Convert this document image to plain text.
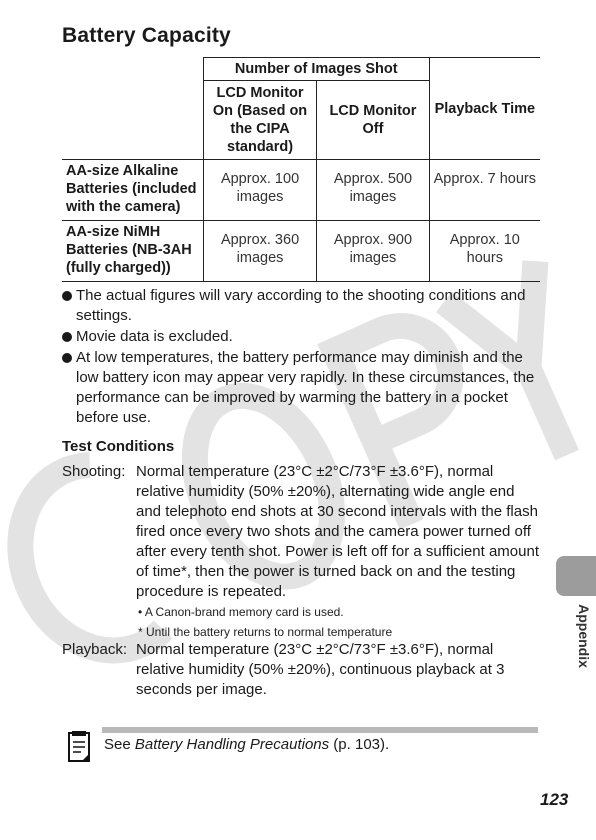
Battery Capacity
	Number of Images Shot		Playback Time
	LCD Monitor On (Based on the CIPA standard)	LCD Monitor Off	
AA-size Alkaline Batteries (included with the camera)	Approx. 100 images	Approx. 500 images	Approx. 7 hours
AA-size NiMH Batteries (NB-3AH (fully charged))	Approx. 360 images	Approx. 900 images	Approx. 10 hours
The actual figures will vary according to the shooting conditions and settings.
Movie data is excluded.
At low temperatures, the battery performance may diminish and the low battery icon may appear very rapidly. In these circumstances, the performance can be improved by warming the battery in a pocket before use.
Test Conditions
Shooting: Normal temperature (23°C ±2°C/73°F ±3.6°F), normal relative humidity (50% ±20%), alternating wide angle end and telephoto end shots at 30 second intervals with the flash fired once every two shots and the camera power turned off after every tenth shot. Power is left off for a sufficient amount of time*, then the power is turned back on and the testing procedure is repeated.
• A Canon-brand memory card is used.
* Until the battery returns to normal temperature
Playback: Normal temperature (23°C ±2°C/73°F ±3.6°F), normal relative humidity (50% ±20%), continuous playback at 3 seconds per image.
Appendix
See Battery Handling Precautions (p. 103).
123
